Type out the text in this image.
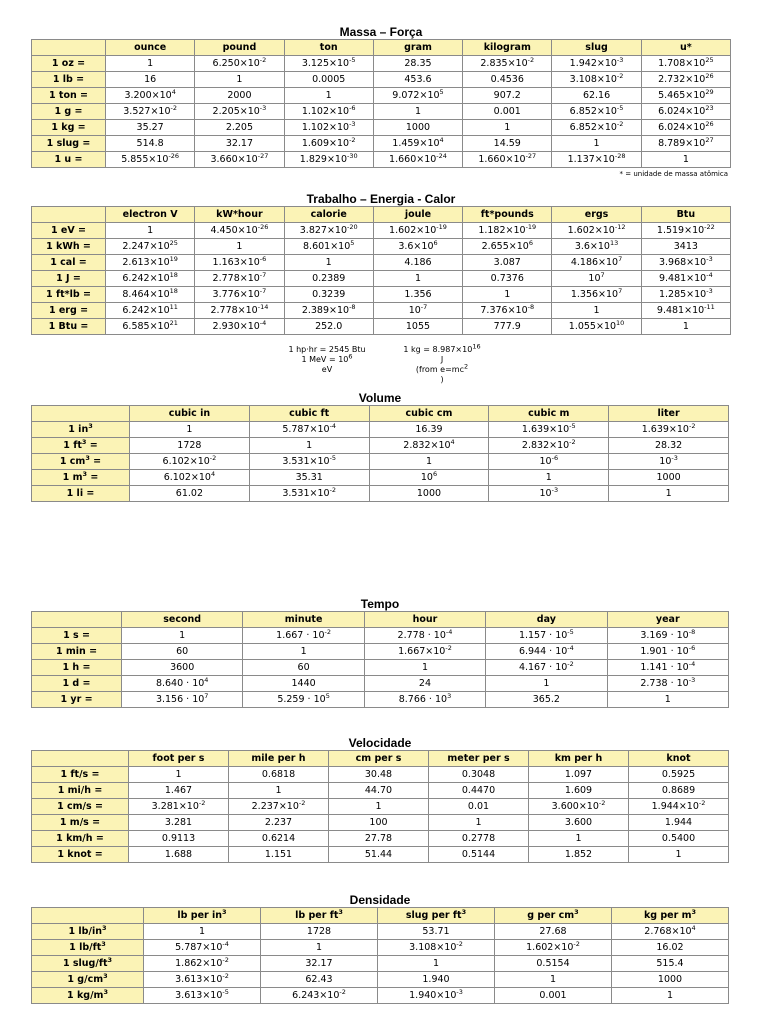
Massa – Força
	ounce	pound	ton	gram	kilogram	slug	u*
1 oz =	1	$6.250\times 10^{-2}$	$3.125\times 10^{-5}$	28.35	$2.835\times 10^{-2}$	$1.942\times 10^{-3}$	$1.708\times 10^{25}$
1 lb =	16	1	0.0005	453.6	0.4536	$3.108\times 10^{-2}$	$2.732\times 10^{26}$
1 ton =	$3.200\times 10^4$	2000	1	$9.072\times 10^5$	907.2	62.16	$5.465\times 10^{29}$
1 g =	$3.527\times 10^{-2}$	$2.205\times 10^{-3}$	$1.102\times 10^{-6}$	1	0.001	$6.852\times 10^{-5}$	$6.024\times 10^{23}$
1 kg =	35.27	2.205	$1.102\times 10^{-3}$	1000	1	$6.852\times 10^{-2}$	$6.024\times 10^{26}$
1 slug =	514.8	32.17	$1.609\times 10^{-2}$	$1.459\times 10^4$	14.59	1	$8.789\times 10^{27}$
1 u =	$5.855\times 10^{-26}$	$3.660\times 10^{-27}$	$1.829\times 10^{-30}$	$1.660\times 10^{-24}$	$1.660\times 10^{-27}$	$1.137\times 10^{-28}$	1
* = unidade de massa atômica
Trabalho – Energia - Calor
	electron V	kW*hour	calorie	joule	ft*pounds	ergs	Btu
1 eV =	1	$4.450\times 10^{-26}$	$3.827\times 10^{-20}$	$1.602\times 10^{-19}$	$1.182\times 10^{-19}$	$1.602\times 10^{-12}$	$1.519\times 10^{-22}$
1 kWh =	$2.247\times 10^{25}$	1	$8.601\times 10^5$	$3.6\times 10^6$	$2.655\times 10^6$	$3.6\times 10^{13}$	3413
1 cal =	$2.613\times 10^{19}$	$1.163\times 10^{-6}$	1	4.186	3.087	$4.186\times 10^7$	$3.968\times 10^{-3}$
1 J =	$6.242\times 10^{18}$	$2.778\times 10^{-7}$	0.2389	1	0.7376	$10^7$	$9.481\times 10^{-4}$
1 ft*lb =	$8.464\times 10^{18}$	$3.776\times 10^{-7}$	0.3239	1.356	1	$1.356\times 10^7$	$1.285\times 10^{-3}$
1 erg =	$6.242\times 10^{11}$	$2.778\times 10^{-14}$	$2.389\times 10^{-8}$	$10^{-7}$	$7.376\times 10^{-8}$	1	$9.481\times 10^{-11}$
1 Btu =	$6.585\times 10^{21}$	$2.930\times 10^{-4}$	252.0	1055	777.9	$1.055\times 10^{10}$	1
1 hp·hr = 2545 Btu
1 MeV = $10^6$
eV
1 kg = $8.987\times 10^{16}$
J
(from $e=mc^2$
)
Volume
	cubic in	cubic ft	cubic cm	cubic m	liter
1 $in^3$	1	$5.787\times 10^{-4}$	16.39	$1.639\times 10^{-5}$	$1.639\times 10^{-2}$
1 $ft^3$ =	1728	1	$2.832\times 10^4$	$2.832\times 10^{-2}$	28.32
1 $cm^3$ =	$6.102\times 10^{-2}$	$3.531\times 10^{-5}$	1	$10^{-6}$	$10^{-3}$
1 $m^3$ =	$6.102\times 10^4$	35.31	$10^6$	1	1000
1 li =	61.02	$3.531\times 10^{-2}$	1000	$10^{-3}$	1
Tempo
	second	minute	hour	day	year
1 s =	1	$1.667 \cdot 10^{-2}$	$2.778 \cdot 10^{-4}$	$1.157 \cdot 10^{-5}$	$3.169 \cdot 10^{-8}$
1 min =	60	1	$1.667\times 10^{-2}$	$6.944 \cdot 10^{-4}$	$1.901 \cdot 10^{-6}$
1 h =	3600	60	1	$4.167 \cdot 10^{-2}$	$1.141 \cdot 10^{-4}$
1 d =	$8.640 \cdot 10^4$	1440	24	1	$2.738 \cdot 10^{-3}$
1 yr =	$3.156 \cdot 10^7$	$5.259 \cdot 10^5$	$8.766 \cdot 10^3$	365.2	1
Velocidade
	foot per s	mile per h	cm per s	meter per s	km per h	knot
1 ft/s =	1	0.6818	30.48	0.3048	1.097	0.5925
1 mi/h =	1.467	1	44.70	0.4470	1.609	0.8689
1 cm/s =	$3.281\times 10^{-2}$	$2.237\times 10^{-2}$	1	0.01	$3.600\times 10^{-2}$	$1.944\times 10^{-2}$
1 m/s =	3.281	2.237	100	1	3.600	1.944
1 km/h =	0.9113	0.6214	27.78	0.2778	1	0.5400
1 knot =	1.688	1.151	51.44	0.5144	1.852	1
Densidade
	lb per $in^3$	lb per $ft^3$	slug per $ft^3$	g per $cm^3$	kg per $m^3$
1 $lb/in^3$	1	1728	53.71	27.68	$2.768\times 10^4$
1 $lb/ft^3$	$5.787\times 10^{-4}$	1	$3.108\times 10^{-2}$	$1.602\times 10^{-2}$	16.02
1 slug/$ft^3$	$1.862\times 10^{-2}$	32.17	1	0.5154	515.4
1 $g/cm^3$	$3.613\times 10^{-2}$	62.43	1.940	1	1000
1 $kg/m^3$	$3.613\times 10^{-5}$	$6.243\times 10^{-2}$	$1.940\times 10^{-3}$	0.001	1
